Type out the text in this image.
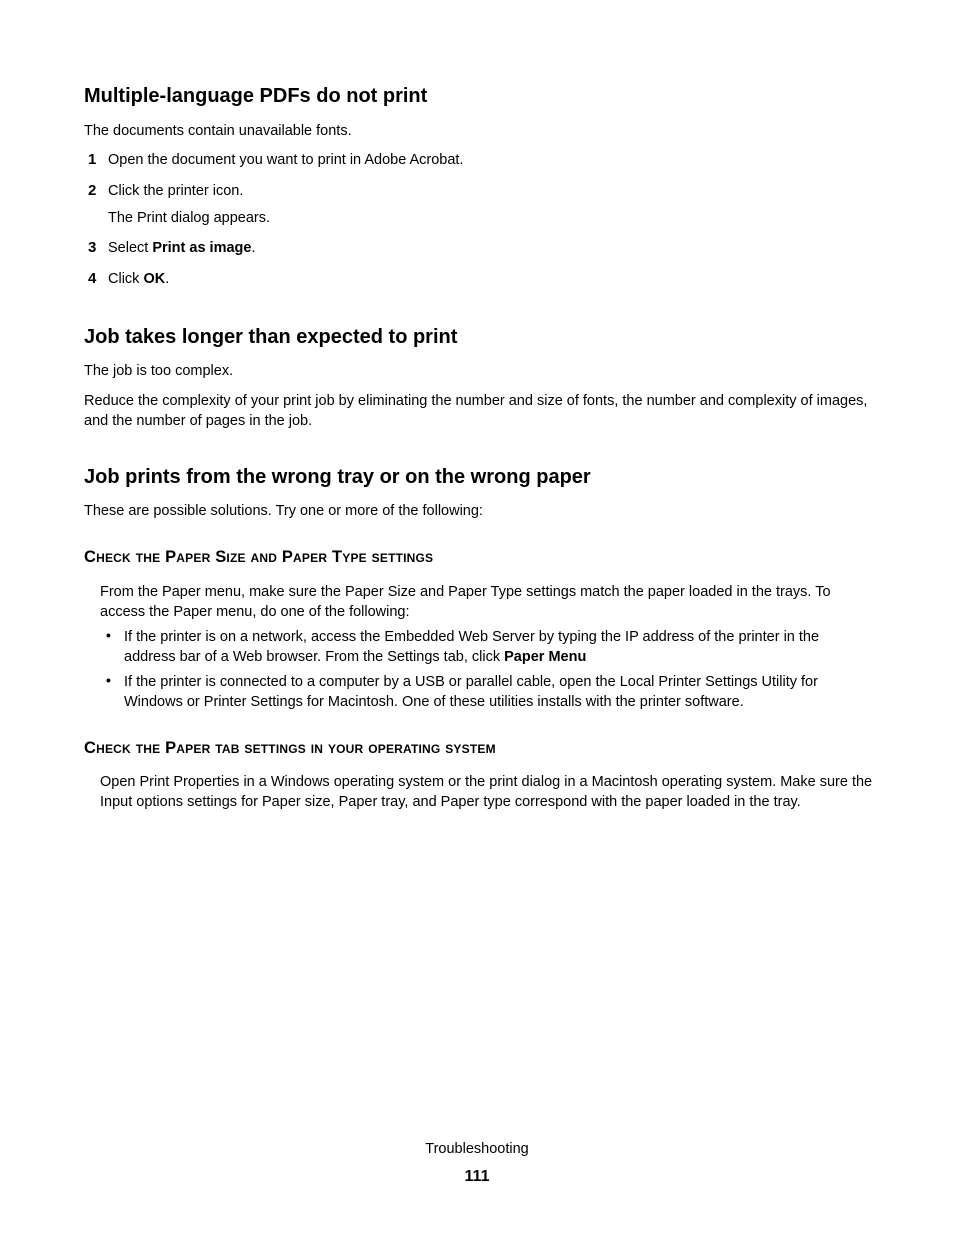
Multiple-language PDFs do not print

The documents contain unavailable fonts.

1 Open the document you want to print in Adobe Acrobat.
2 Click the printer icon.
The Print dialog appears.
3 Select Print as image.
4 Click OK.
Job takes longer than expected to print

The job is too complex.

Reduce the complexity of your print job by eliminating the number and size of fonts, the number and complexity of images, and the number of pages in the job.

Job prints from the wrong tray or on the wrong paper

These are possible solutions. Try one or more of the following:

Check the Paper Size and Paper Type settings

From the Paper menu, make sure the Paper Size and Paper Type settings match the paper loaded in the trays. To access the Paper menu, do one of the following:

• If the printer is on a network, access the Embedded Web Server by typing the IP address of the printer in the address bar of a Web browser. From the Settings tab, click Paper Menu

• If the printer is connected to a computer by a USB or parallel cable, open the Local Printer Settings Utility for Windows or Printer Settings for Macintosh. One of these utilities installs with the printer software.

Check the Paper tab settings in your operating system

Open Print Properties in a Windows operating system or the print dialog in a Macintosh operating system. Make sure the Input options settings for Paper size, Paper tray, and Paper type correspond with the paper loaded in the tray.

Troubleshooting
111
